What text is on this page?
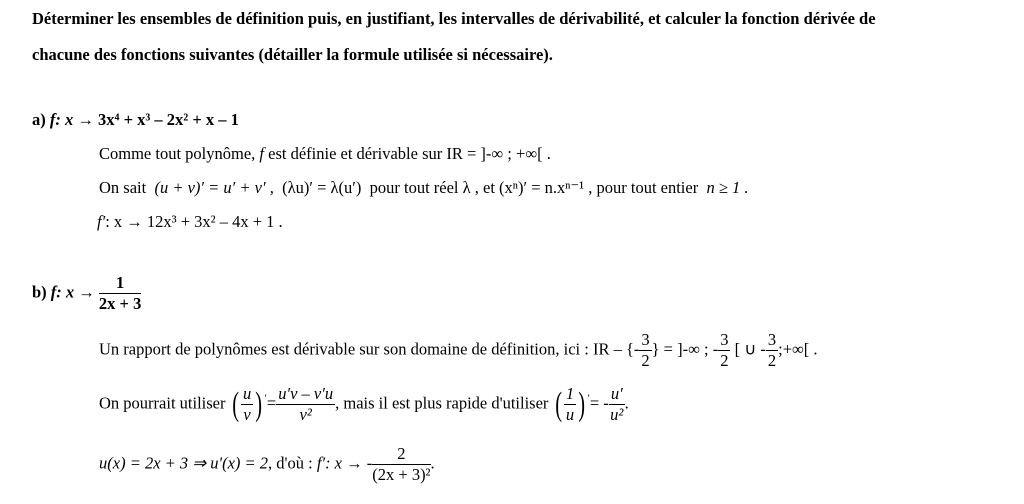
Déterminer les ensembles de définition puis, en justifiant, les intervalles de dérivabilité, et calculer la fonction dérivée de
chacune des fonctions suivantes (détailler la formule utilisée si nécessaire).
a) f: x → 3x⁴ + x³ – 2x² + x – 1
Comme tout polynôme, f est définie et dérivable sur IR = ]-∞ ; +∞[ .
On sait (u + v)′ = u′ + v′ , (λu)′ = λ(u′) pour tout réel λ , et (xⁿ)′ = n.xⁿ⁻¹ , pour tout entier n ≥ 1 .
f′: x → 12x³ + 3x² – 4x + 1 .
b) f: $x \to \frac{1}{2x + 3}$
Un rapport de polynômes est dérivable sur son domaine de définition, ici : IR – {- $\frac{3}{2}$ } = ]-∞ ; - $\frac{3}{2}$ [ ∪ - $\frac{3}{2}$ ;+∞[ .
On pourrait utiliser ( $\frac{u}{v}$ ) $'= \frac{u'v - v'u}{\text{v²}}$ , mais il est plus rapide d'utiliser ( $\frac{1}{u}$ ) $'= - \frac{u'}{\text{u²}}$ .
u(x) = 2x + 3 ⇒ u′(x) = 2, d'où : f′: x → - $\frac{2}{\text{(2x + 3)²}}$ .
